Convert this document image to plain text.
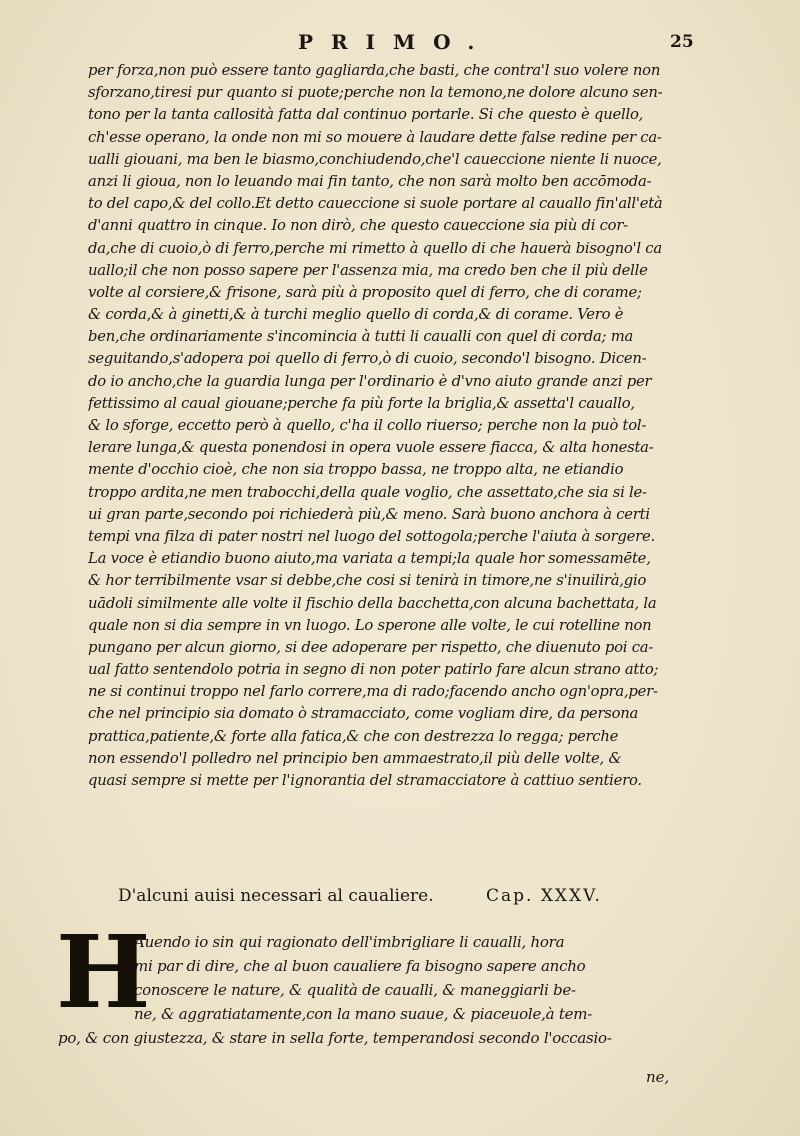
PRIMO.	25
per forza,non può essere tanto gagliarda,che basti, che contra'l suo volere non
sforzano,tiresi pur quanto si puote;perche non la temono,ne dolore alcuno sen-
tono per la tanta callosità fatta dal continuo portarle. Si che questo è quello,
ch'esse operano, la onde non mi so mouere à laudare dette false redine per ca-
ualli giouani, ma ben le biasmo,conchiudendo,che'l caueccione niente li nuoce,
anzi li gioua, non lo leuando mai fin tanto, che non sarà molto ben accōmoda-
to del capo,& del collo.Et detto caueccione si suole portare al cauallo fin'all'età
d'anni quattro in cinque. Io non dirò, che questo caueccione sia più di cor-
da,che di cuoio,ò di ferro,perche mi rimetto à quello di che hauerà bisogno'l ca
uallo;il che non posso sapere per l'assenza mia, ma credo ben che il più delle
volte al corsiere,& frisone, sarà più à proposito quel di ferro, che di corame;
& corda,& à ginetti,& à turchi meglio quello di corda,& di corame. Vero è
ben,che ordinariamente s'incomincia à tutti li caualli con quel di corda; ma
seguitando,s'adopera poi quello di ferro,ò di cuoio, secondo'l bisogno. Dicen-
do io ancho,che la guardia lunga per l'ordinario è d'vno aiuto grande anzi per
fettissimo al caual giouane;perche fa più forte la briglia,& assetta'l cauallo,
& lo sforge, eccetto però à quello, c'ha il collo riuerso; perche non la può tol-
lerare lunga,& questa ponendosi in opera vuole essere fiacca, & alta honesta-
mente d'occhio cioè, che non sia troppo bassa, ne troppo alta, ne etiandio
troppo ardita,ne men trabocchi,della quale voglio, che assettato,che sia si le-
ui gran parte,secondo poi richiederà più,& meno. Sarà buono anchora à certi
tempi vna filza di pater nostri nel luogo del sottogola;perche l'aiuta à sorgere.
La voce è etiandio buono aiuto,ma variata a tempi;la quale hor somessamēte,
& hor terribilmente vsar si debbe,che cosi si tenirà in timore,ne s'inuilirà,gio
uādoli similmente alle volte il fischio della bacchetta,con alcuna bachettata, la
quale non si dia sempre in vn luogo. Lo sperone alle volte, le cui rotelline non
pungano per alcun giorno, si dee adoperare per rispetto, che diuenuto poi ca-
ual fatto sentendolo potria in segno di non poter patirlo fare alcun strano atto;
ne si continui troppo nel farlo correre,ma di rado;facendo ancho ogn'opra,per-
che nel principio sia domato ò stramacciato, come vogliam dire, da persona
prattica,patiente,& forte alla fatica,& che con destrezza lo regga; perche
non essendo'l polledro nel principio ben ammaestrato,il più delle volte, &
quasi sempre si mette per l'ignorantia del stramacciatore à cattiuo sentiero.
D'alcuni auisi necessari al caualiere.	Cap. XXXV.
H
Auendo io sin qui ragionato dell'imbrigliare li caualli, hora
mi par di dire, che al buon caualiere fa bisogno sapere ancho
conoscere le nature, & qualità de caualli, & maneggiarli be-
ne, & aggratiatamente,con la mano suaue, & piaceuole,à tem-
po, & con giustezza, & stare in sella forte, temperandosi secondo l'occasio-
ne,
